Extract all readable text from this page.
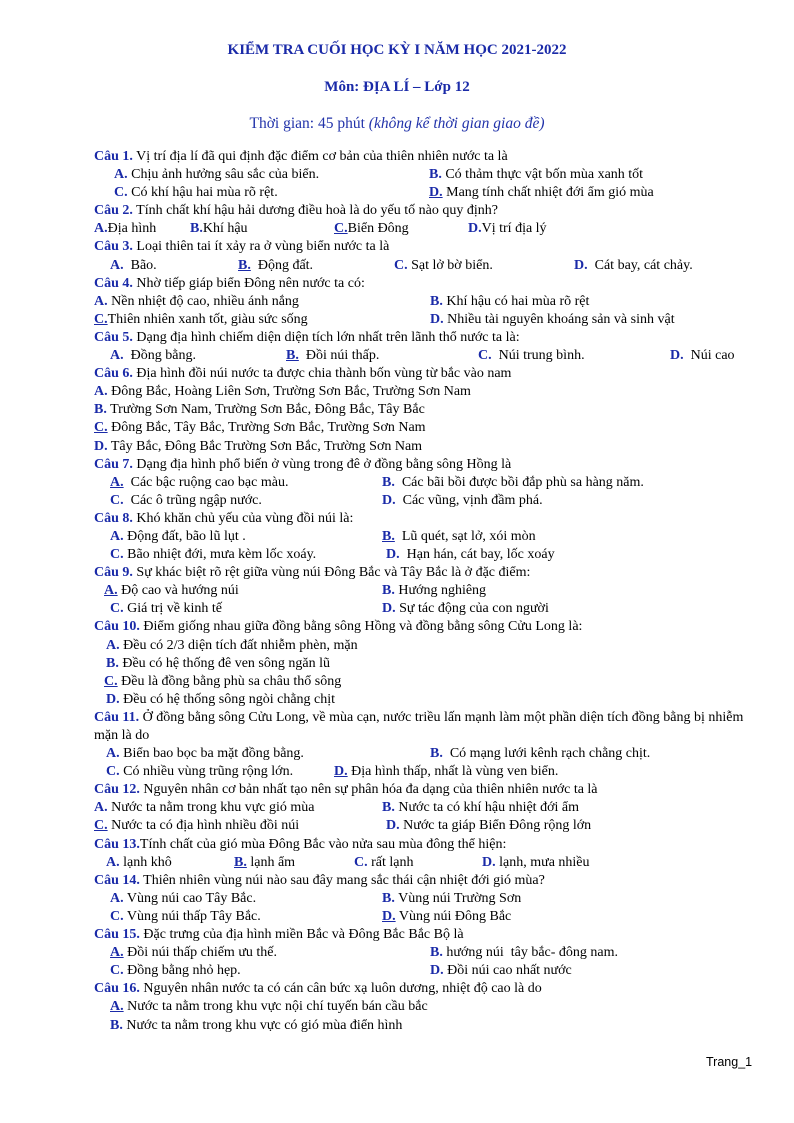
KIỂM TRA CUỐI HỌC KỲ I NĂM HỌC 2021-2022
Môn: ĐỊA LÍ – Lớp 12
Thời gian: 45 phút (không kể thời gian giao đề)
Câu 1. Vị trí địa lí đã qui định đặc điểm cơ bản của thiên nhiên nước ta là
A. Chịu ảnh hưởng sâu sắc của biển.	B. Có thảm thực vật bốn mùa xanh tốt
C. Có khí hậu hai mùa rõ rệt.	D. Mang tính chất nhiệt đới ẩm gió mùa
Câu 2. Tính chất khí hậu hải dương điều hoà là do yếu tố nào quy định?
A.Địa hình B.Khí hậu	C.Biển Đông	D.Vị trí địa lý
Câu 3. Loại thiên tai ít xảy ra ở vùng biển nước ta là
A.  Bão.	B.  Động đất.	C. Sạt lở bờ biển.	D.  Cát bay, cát chảy.
Câu 4. Nhờ tiếp giáp biển Đông nên nước ta có:
A. Nền nhiệt độ cao, nhiều ánh nắng	B. Khí hậu có hai mùa rõ rệt
C.Thiên nhiên xanh tốt, giàu sức sống	D. Nhiều tài nguyên khoáng sản và sinh vật
Câu 5. Dạng địa hình chiếm diện diện tích lớn nhất trên lãnh thổ nước ta là:
A.  Đồng bằng.	B.  Đồi núi thấp.	C.  Núi trung bình.	D.  Núi cao
Câu 6. Địa hình đồi núi nước ta được chia thành bốn vùng từ bắc vào nam
A. Đông Bắc, Hoàng Liên Sơn, Trường Sơn Bắc, Trường Sơn Nam
B. Trường Sơn Nam, Trường Sơn Bắc, Đông Bắc, Tây Bắc
C. Đông Bắc, Tây Bắc, Trường Sơn Bắc, Trường Sơn Nam
D. Tây Bắc, Đông Bắc Trường Sơn Bắc, Trường Sơn Nam
Câu 7. Dạng địa hình phổ biến ở vùng trong đê ở đồng bằng sông Hồng là
A.  Các bậc ruộng cao bạc màu.	B.  Các bãi bồi được bồi đắp phù sa hàng năm.
C.  Các ô trũng ngập nước.	D.  Các vũng, vịnh đầm phá.
Câu 8. Khó khăn chủ yếu của vùng đồi núi là:
A. Động đất, bão lũ lụt .	B.  Lũ quét, sạt lở, xói mòn
C. Bão nhiệt đới, mưa kèm lốc xoáy.	D.  Hạn hán, cát bay, lốc xoáy
Câu 9. Sự khác biệt rõ rệt giữa vùng núi Đông Bắc và Tây Bắc là ở đặc điểm:
A. Độ cao và hướng núi	B. Hướng nghiêng
C. Giá trị về kinh tế	D. Sự tác động của con người
Câu 10. Điểm giống nhau giữa đồng bằng sông Hồng và đồng bằng sông Cửu Long là:
A. Đều có 2/3 diện tích đất nhiễm phèn, mặn
B. Đều có hệ thống đê ven sông ngăn lũ
C. Đều là đồng bằng phù sa châu thổ sông
D. Đều có hệ thống sông ngòi chằng chịt
Câu 11. Ở đồng bằng sông Cửu Long, về mùa cạn, nước triều lấn mạnh làm một phần diện tích đồng bằng bị nhiễm mặn là do
A. Biển bao bọc ba mặt đồng bằng.	B.  Có mạng lưới kênh rạch chằng chịt.
C. Có nhiều vùng trũng rộng lớn.	D. Địa hình thấp, nhất là vùng ven biển.
Câu 12. Nguyên nhân cơ bản nhất tạo nên sự phân hóa đa dạng của thiên nhiên nước ta là
A. Nước ta nằm trong khu vực gió mùa	B. Nước ta có khí hậu nhiệt đới ẩm
C. Nước ta có địa hình nhiều đồi núi	D. Nước ta giáp Biển Đông rộng lớn
Câu 13.Tính chất của gió mùa Đông Bắc vào nửa sau mùa đông thể hiện:
A. lạnh khô	B. lạnh ẩm	C. rất lạnh	D. lạnh, mưa nhiều
Câu 14. Thiên nhiên vùng núi nào sau đây mang sắc thái cận nhiệt đới gió mùa?
A. Vùng núi cao Tây Bắc.	B. Vùng núi Trường Sơn
C. Vùng núi thấp Tây Bắc.	D. Vùng núi Đông Bắc
Câu 15. Đặc trưng của địa hình miền Bắc và Đông Bắc Bắc Bộ là
A. Đồi núi thấp chiếm ưu thế.	B. hướng núi  tây bắc- đông nam.
C. Đồng bằng nhỏ hẹp.	D. Đồi núi cao nhất nước
Câu 16. Nguyên nhân nước ta có cán cân bức xạ luôn dương, nhiệt độ cao là do
A. Nước ta nằm trong khu vực nội chí tuyến bán cầu bắc
B. Nước ta nằm trong khu vực có gió mùa điển hình
Trang_1
